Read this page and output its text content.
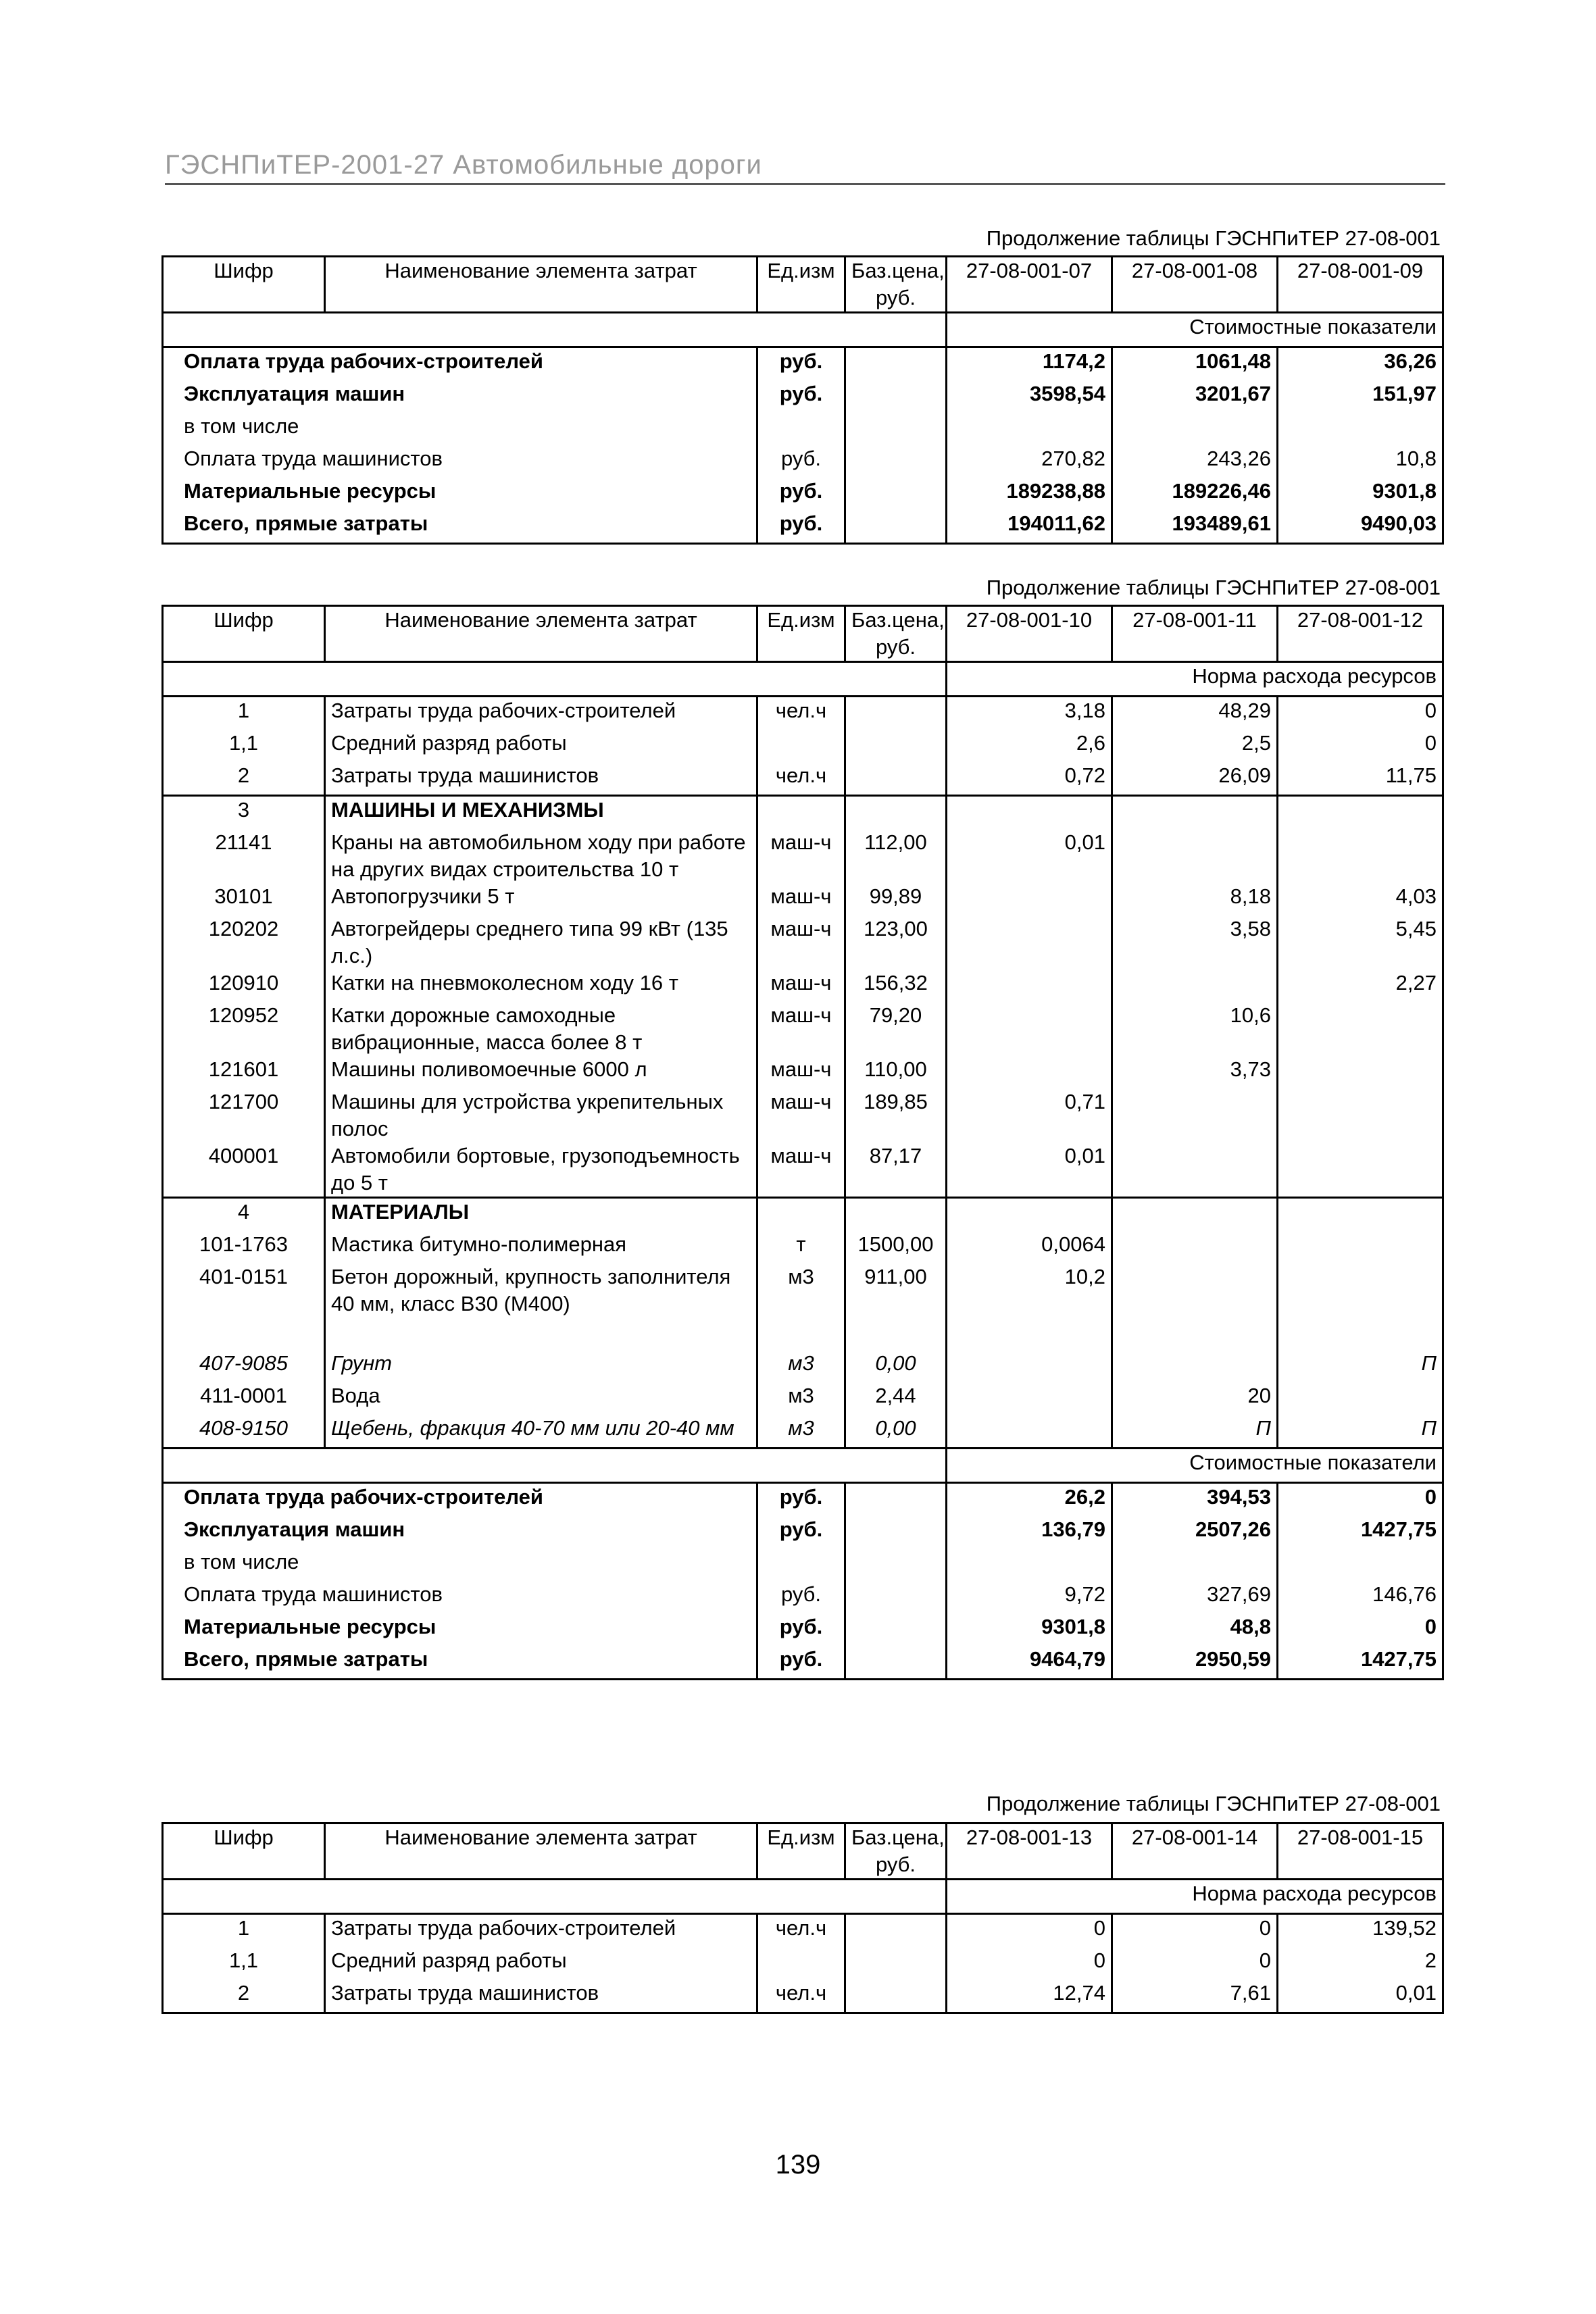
ГЭСНПиТЕР-2001-27 Автомобильные дороги
Продолжение таблицы ГЭСНПиТЕР 27-08-001
Шифр	Наименование элемента затрат	Ед.изм	Баз.цена, руб.	27-08-001-07	27-08-001-08	27-08-001-09
				Стоимостные показатели		
Оплата труда рабочих-строителей		руб.		1174,2	1061,48	36,26
Эксплуатация машин		руб.		3598,54	3201,67	151,97
в том числе						
Оплата труда машинистов		руб.		270,82	243,26	10,8
Материальные ресурсы		руб.		189238,88	189226,46	9301,8
Всего, прямые затраты		руб.		194011,62	193489,61	9490,03
Продолжение таблицы ГЭСНПиТЕР 27-08-001
Шифр	Наименование элемента затрат	Ед.изм	Баз.цена, руб.	27-08-001-10	27-08-001-11	27-08-001-12
				Норма расхода ресурсов		
1	Затраты труда рабочих-строителей	чел.ч		3,18	48,29	0
1,1	Средний разряд работы			2,6	2,5	0
2	Затраты труда машинистов	чел.ч		0,72	26,09	11,75
3	МАШИНЫ И МЕХАНИЗМЫ					
21141	Краны на автомобильном ходу при работе на других видах строительства 10 т	маш-ч	112,00	0,01		
30101	Автопогрузчики 5 т	маш-ч	99,89		8,18	4,03
120202	Автогрейдеры среднего типа 99 кВт (135 л.с.)	маш-ч	123,00		3,58	5,45
120910	Катки на пневмоколесном ходу 16 т	маш-ч	156,32			2,27
120952	Катки дорожные самоходные вибрационные, масса более 8 т	маш-ч	79,20		10,6	
121601	Машины поливомоечные 6000 л	маш-ч	110,00		3,73	
121700	Машины для устройства укрепительных полос	маш-ч	189,85	0,71		
400001	Автомобили бортовые, грузоподъемность до 5 т	маш-ч	87,17	0,01		
4	МАТЕРИАЛЫ					
101-1763	Мастика битумно-полимерная	т	1500,00	0,0064		
401-0151	Бетон дорожный, крупность заполнителя 40 мм, класс В30 (М400)	м3	911,00	10,2		

407-9085	Грунт	м3	0,00			П
411-0001	Вода	м3	2,44		20	
408-9150	Щебень, фракция 40-70 мм или 20-40 мм	м3	0,00		П	П
				Стоимостные показатели		
Оплата труда рабочих-строителей		руб.		26,2	394,53	0
Эксплуатация машин		руб.		136,79	2507,26	1427,75
в том числе						
Оплата труда машинистов		руб.		9,72	327,69	146,76
Материальные ресурсы		руб.		9301,8	48,8	0
Всего, прямые затраты		руб.		9464,79	2950,59	1427,75
Продолжение таблицы ГЭСНПиТЕР 27-08-001
Шифр	Наименование элемента затрат	Ед.изм	Баз.цена, руб.	27-08-001-13	27-08-001-14	27-08-001-15
				Норма расхода ресурсов		
1	Затраты труда рабочих-строителей	чел.ч		0	0	139,52
1,1	Средний разряд работы			0	0	2
2	Затраты труда машинистов	чел.ч		12,74	7,61	0,01
139
